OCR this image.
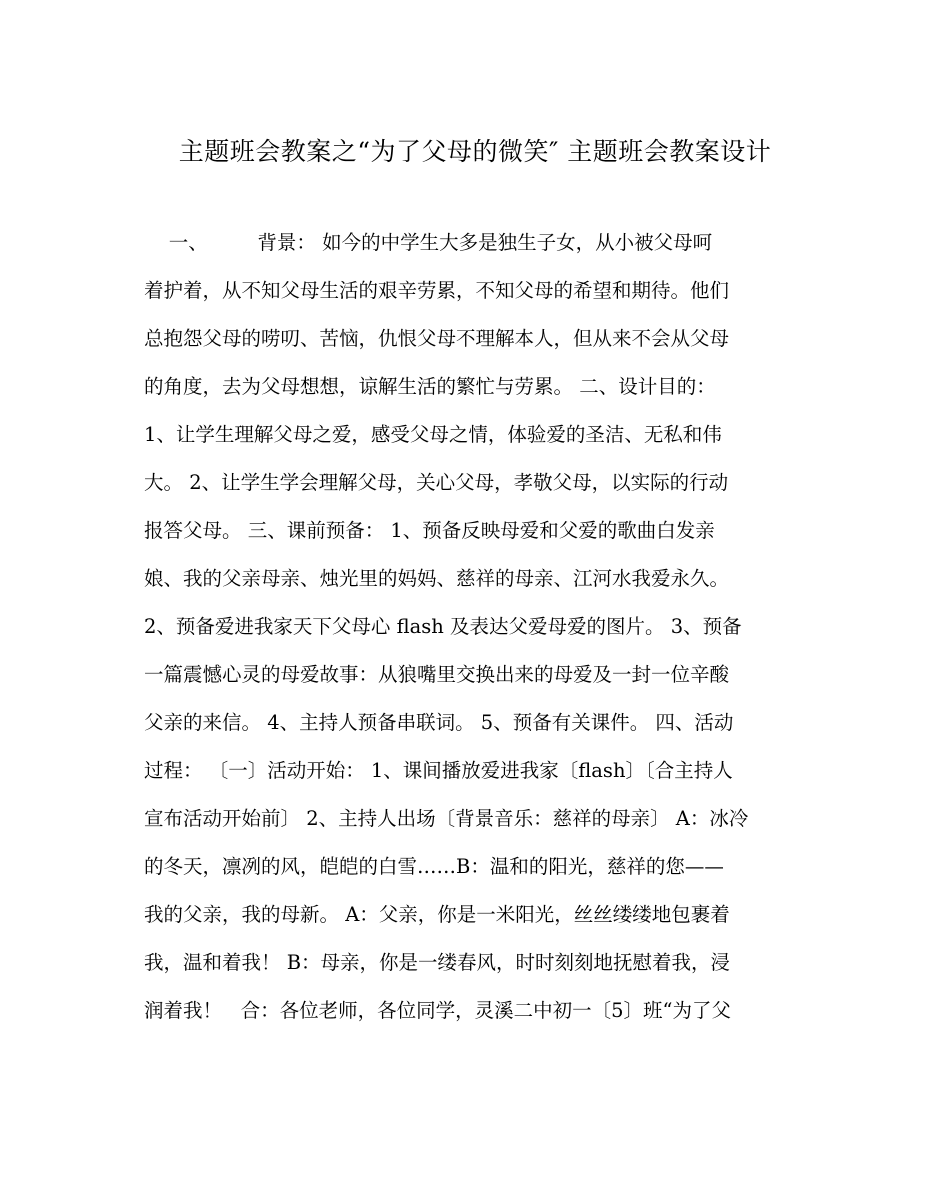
主题班会教案之“为了父母的微笑″ 主题班会教案设计
一、        背景： 如今的中学生大多是独生子女，从小被父母呵
着护着，从不知父母生活的艰辛劳累，不知父母的希望和期待。他们
总抱怨父母的唠叨、苦恼，仇恨父母不理解本人，但从来不会从父母
的角度，去为父母想想，谅解生活的繁忙与劳累。 二、设计目的：
1、让学生理解父母之爱，感受父母之情，体验爱的圣洁、无私和伟
大。 2、让学生学会理解父母，关心父母，孝敬父母，以实际的行动
报答父母。 三、课前预备： 1、预备反映母爱和父爱的歌曲白发亲
娘、我的父亲母亲、烛光里的妈妈、慈祥的母亲、江河水我爱永久。
2、预备爱进我家天下父母心 flash 及表达父爱母爱的图片。 3、预备
一篇震憾心灵的母爱故事：从狼嘴里交换出来的母爱及一封一位辛酸
父亲的来信。 4、主持人预备串联词。 5、预备有关课件。 四、活动
过程： 〔一〕活动开始： 1、课间播放爱进我家〔flash〕〔合主持人
宣布活动开始前〕 2、主持人出场〔背景音乐：慈祥的母亲〕 A：冰冷
的冬天，凛冽的风，皑皑的白雪……B：温和的阳光，慈祥的您——
我的父亲，我的母新。 A：父亲，你是一米阳光，丝丝缕缕地包裹着
我，温和着我！ B：母亲，你是一缕春风，时时刻刻地抚慰着我，浸
润着我！   合：各位老师，各位同学，灵溪二中初一〔5〕班“为了父
